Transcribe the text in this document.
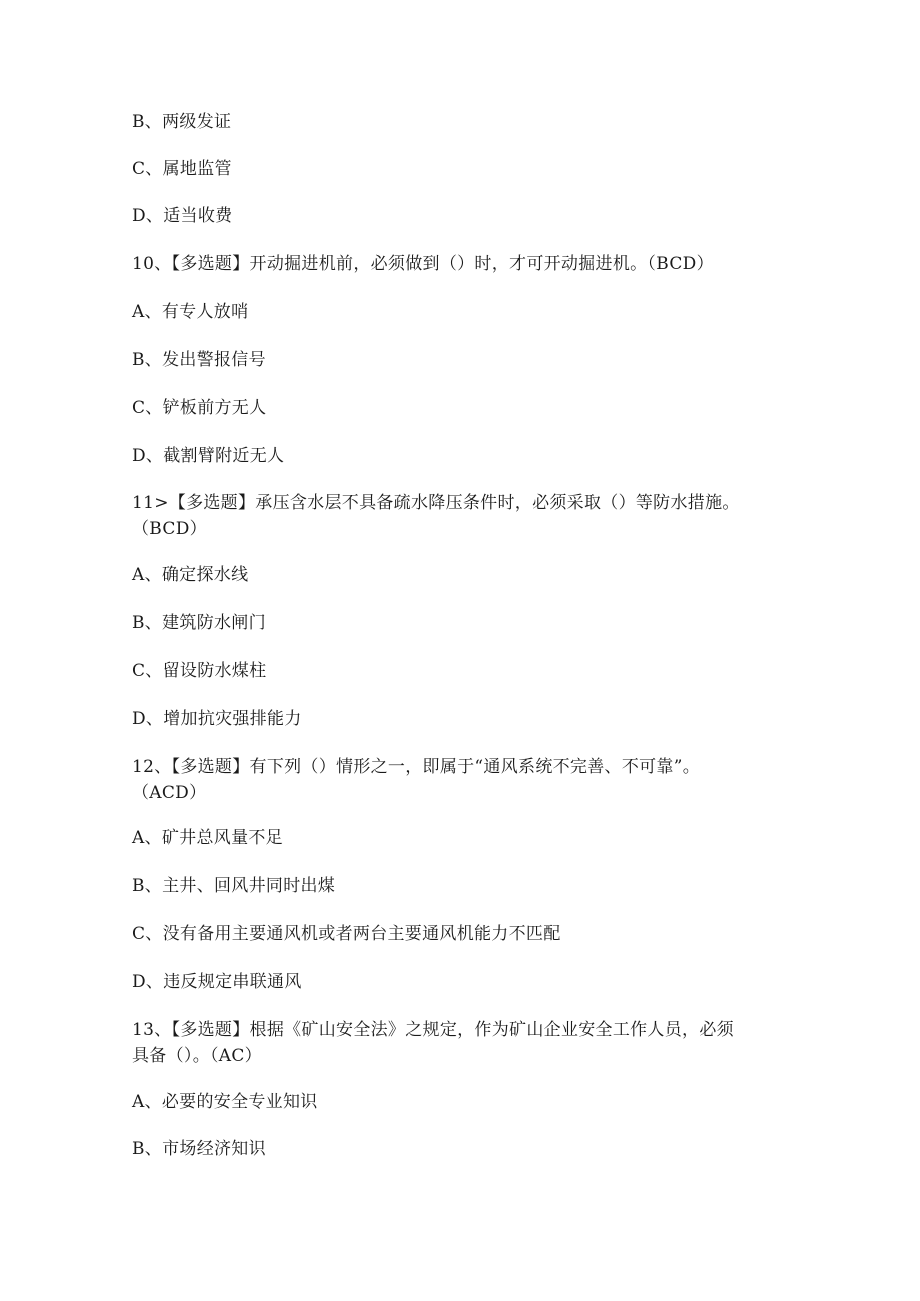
B、两级发证
C、属地监管
D、适当收费
10、【多选题】开动掘进机前，必须做到（）时，才可开动掘进机。（BCD）
A、有专人放哨
B、发出警报信号
C、铲板前方无人
D、截割臂附近无人
11>【多选题】承压含水层不具备疏水降压条件时，必须采取（）等防水措施。
（BCD）
A、确定探水线
B、建筑防水闸门
C、留设防水煤柱
D、增加抗灾强排能力
12、【多选题】有下列（）情形之一，即属于“通风系统不完善、不可靠”。
（ACD）
A、矿井总风量不足
B、主井、回风井同时出煤
C、没有备用主要通风机或者两台主要通风机能力不匹配
D、违反规定串联通风
13、【多选题】根据《矿山安全法》之规定，作为矿山企业安全工作人员，必须
具备（）。（AC）
A、必要的安全专业知识
B、市场经济知识
